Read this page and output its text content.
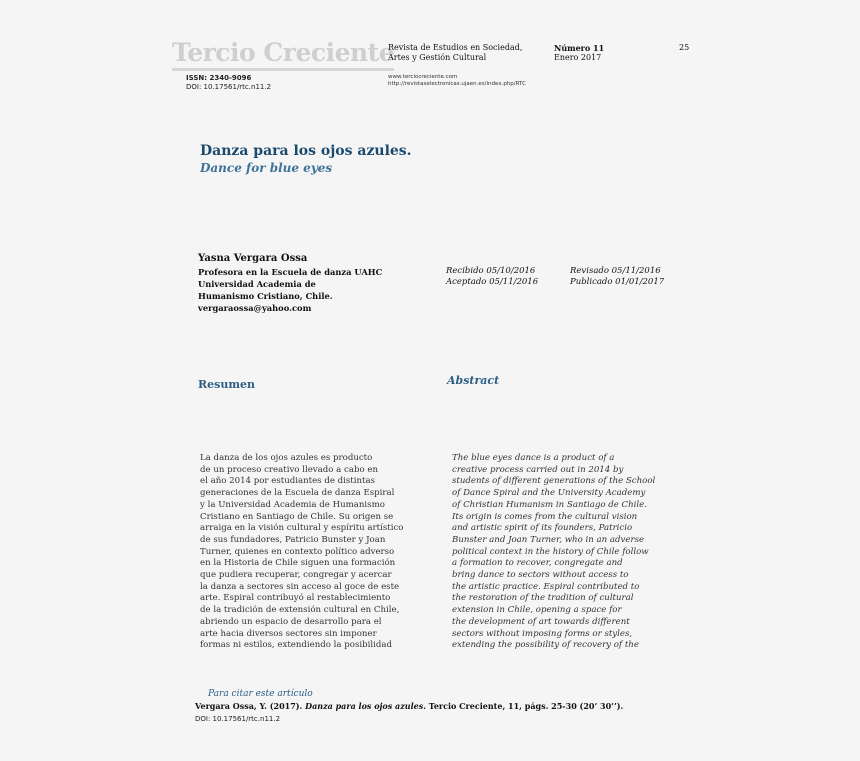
Tercio Creciente
ISSN: 2340-9096
DOI: 10.17561/rtc.n11.2
Revista de Estudios en Sociedad,
Artes y Gestión Cultural
www.terciocreciente.com
http://revistaselectronicas.ujaen.es/index.php/RTC
Número 11
Enero 2017
25
Danza para los ojos azules.
Dance for blue eyes
Yasna Vergara Ossa
Profesora en la Escuela de danza UAHC
Universidad Academia de
Humanismo Cristiano, Chile.
vergaraossa@yahoo.com
Recibido 05/10/2016	Revisado 05/11/2016
Aceptado 05/11/2016	Publicado 01/01/2017
Resumen	Abstract
La danza de los ojos azules es producto
de un proceso creativo llevado a cabo en
el año 2014 por estudiantes de distintas
generaciones de la Escuela de danza Espiral
y la Universidad Academia de Humanismo
Cristiano en Santiago de Chile. Su origen se
arraiga en la visión cultural y espíritu artístico
de sus fundadores, Patricio Bunster y Joan
Turner, quienes en contexto político adverso
en la Historia de Chile siguen una formación
que pudiera recuperar, congregar y acercar
la danza a sectores sin acceso al goce de este
arte. Espiral contribuyó al restablecimiento
de la tradición de extensión cultural en Chile,
abriendo un espacio de desarrollo para el
arte hacia diversos sectores sin imponer
formas ni estilos, extendiendo la posibilidad
The blue eyes dance is a product of a
creative process carried out in 2014 by
students of different generations of the School
of Dance Spiral and the University Academy
of Christian Humanism in Santiago de Chile.
Its origin is comes from the cultural vision
and artistic spirit of its founders, Patricio
Bunster and Joan Turner, who in an adverse
political context in the history of Chile follow
a formation to recover, congregate and
bring dance to sectors without access to
the artistic practice. Espiral contributed to
the restoration of the tradition of cultural
extension in Chile, opening a space for
the development of art towards different
sectors without imposing forms or styles,
extending the possibility of recovery of the
Para citar este artículo
Vergara Ossa, Y. (2017). Danza para los ojos azules. Tercio Creciente, 11, págs. 25-30 (20’ 30’’).
DOI: 10.17561/rtc.n11.2
